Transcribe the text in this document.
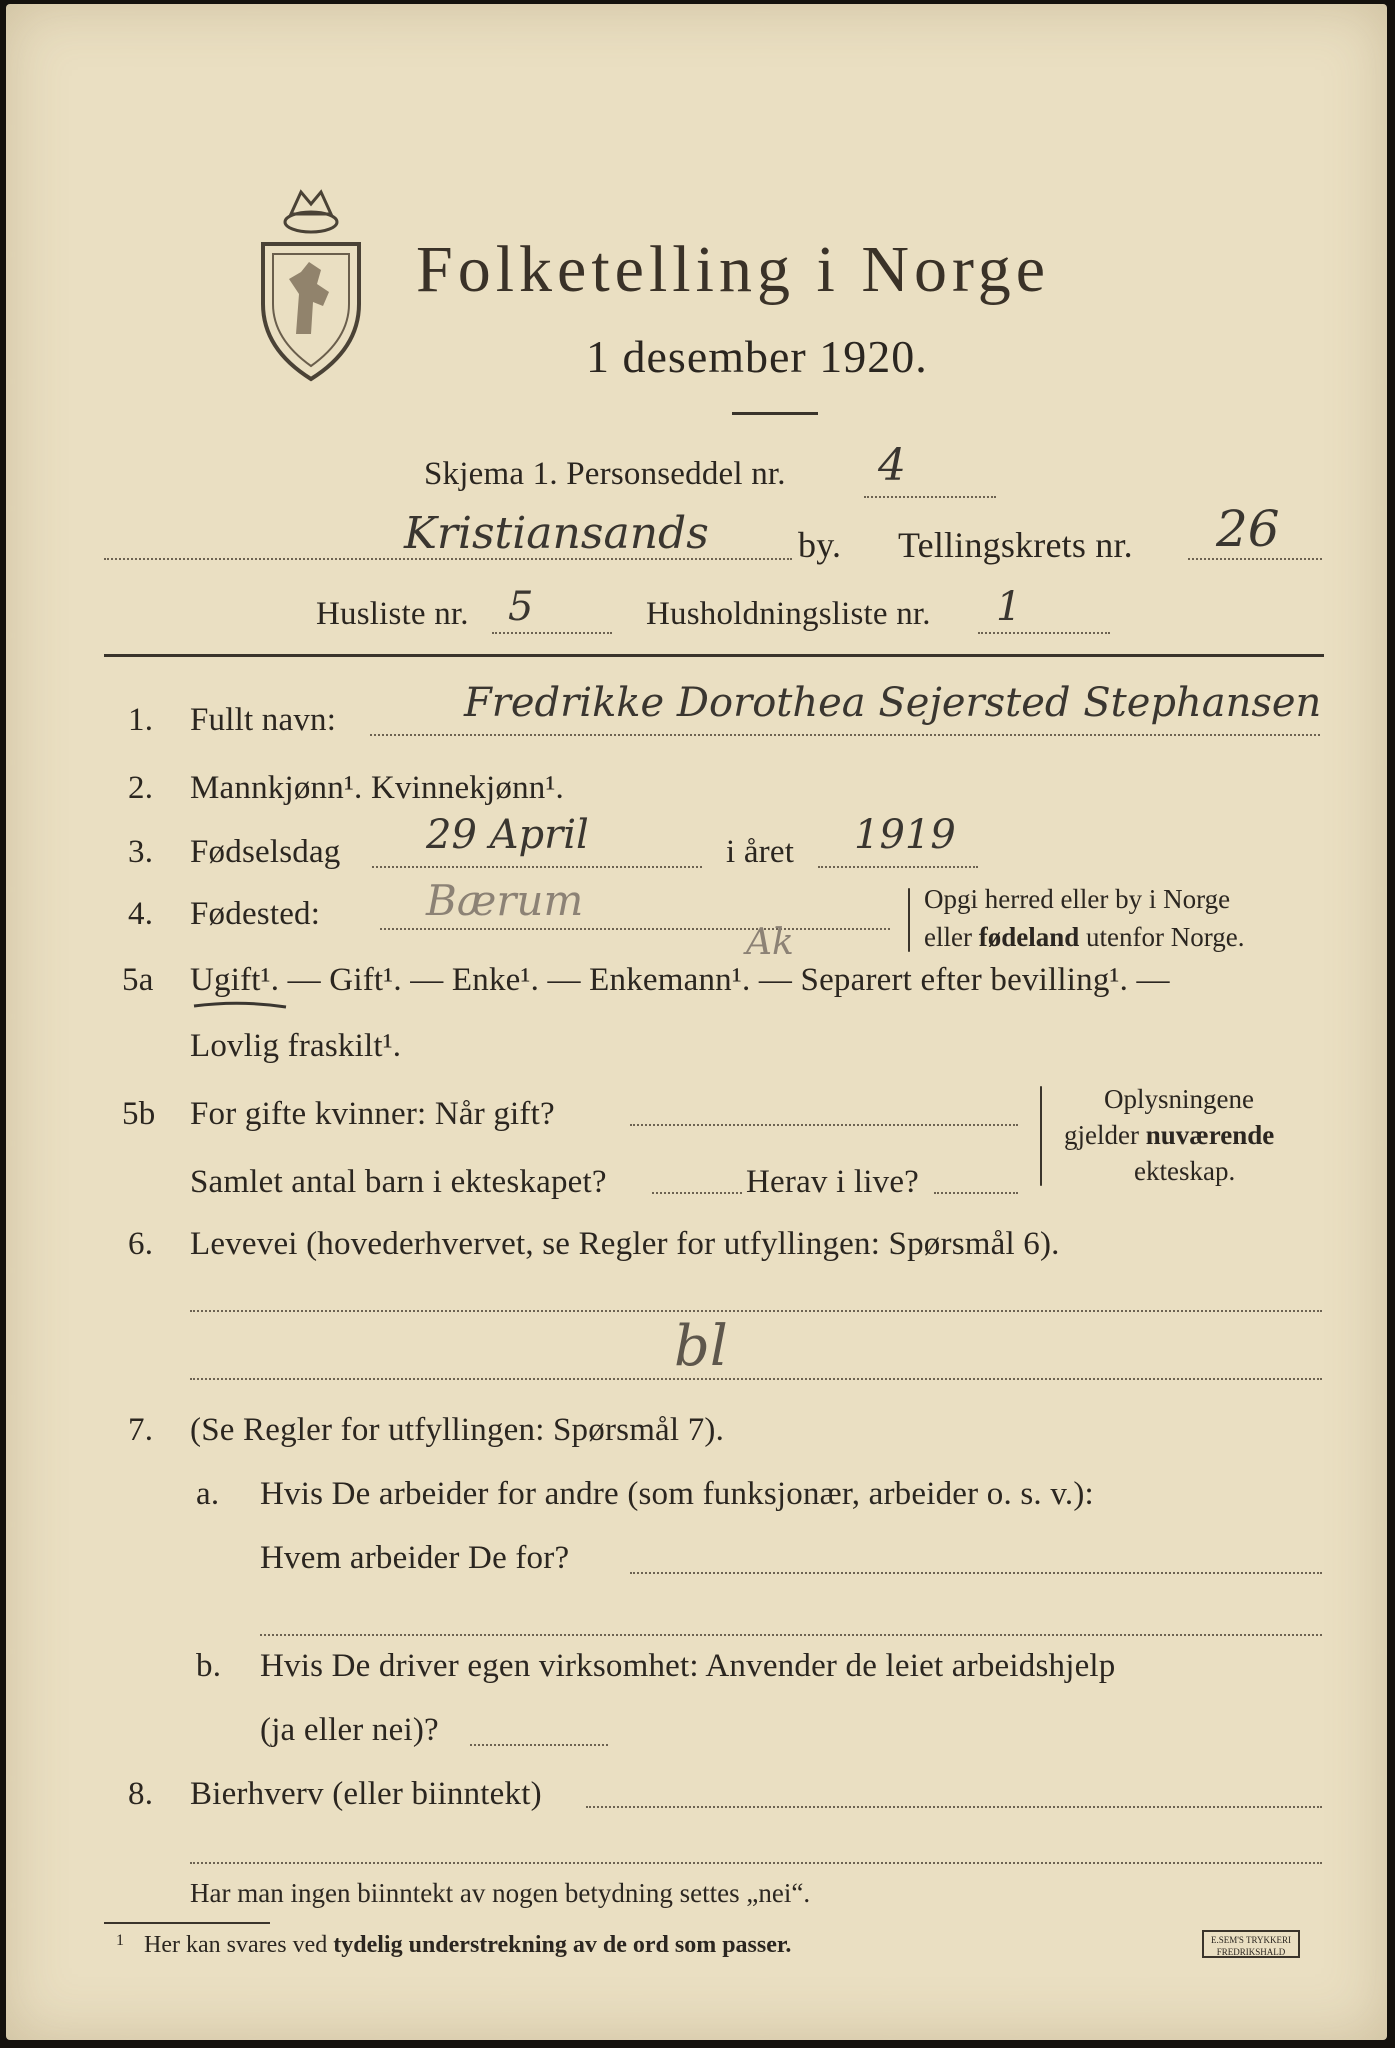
Folketelling i Norge
1 desember 1920.
Skjema 1. Personseddel nr. 4
Kristiansands by. Tellingskrets nr. 26
Husliste nr. 5	Husholdningsliste nr. 1
1. Fullt navn:	Fredrikke Dorothea Sejersted Stephansen
2. Mannkjønn¹. Kvinnekjønn¹.
3. Fødselsdag 29 April	i året 1919
4. Fødested:	Bærum	Opgi herred eller by i Norge
eller fødeland utenfor Norge.
5a Ugift¹. — Gift¹. — Enke¹. — Enkemann¹. — Separert efter bevilling¹. —
Ak
Lovlig fraskilt¹.
5b For gifte kvinner: Når gift?
Samlet antal barn i ekteskapet?	Herav i live?
Oplysningene
gjelder nuværende
ekteskap.
6. Levevei (hovederhvervet, se Regler for utfyllingen: Spørsmål 6).
bl
7. (Se Regler for utfyllingen: Spørsmål 7).
a. Hvis De arbeider for andre (som funksjonær, arbeider o. s. v.):
Hvem arbeider De for?
b. Hvis De driver egen virksomhet: Anvender de leiet arbeidshjelp
(ja eller nei)?
8. Bierhverv (eller biinntekt)
Har man ingen biinntekt av nogen betydning settes „nei“.
$^1$ Her kan svares ved tydelig understrekning av de ord som passer.	E.SEM'S TRYKKERI
FREDRIKSHALD
